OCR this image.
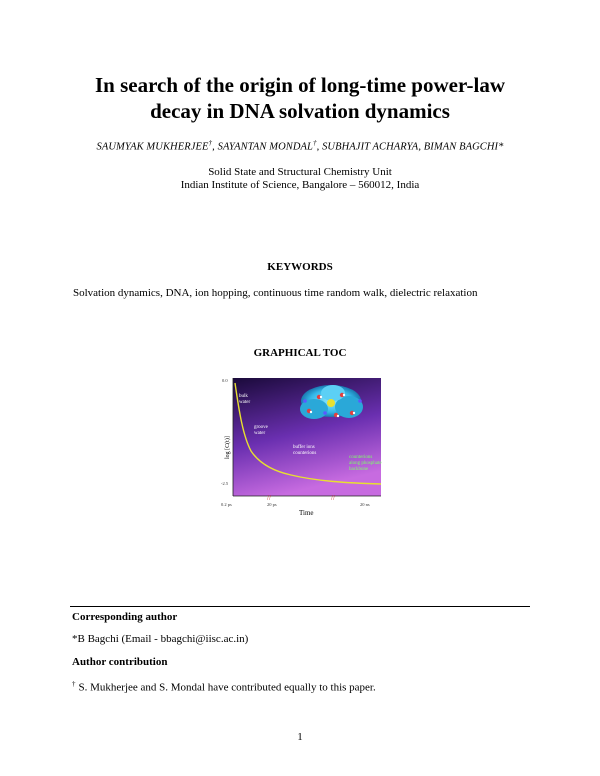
In search of the origin of long-time power-law
decay in DNA solvation dynamics
SAUMYAK MUKHERJEE†, SAYANTAN MONDAL†, SUBHAJIT ACHARYA, BIMAN BAGCHI*
Solid State and Structural Chemistry Unit
Indian Institute of Science, Bangalore – 560012, India
KEYWORDS
Solvation dynamics, DNA, ion hopping, continuous time random walk, dielectric relaxation
GRAPHICAL TOC
//	//
0.0
-2.5
0.2 ps	20 ps	20 ns
Time
log [C(t)]
bulk
water
groove
water
buffer ions
counterions
counterions
along phosphate
backbone
Corresponding author
*B Bagchi (Email - bbagchi@iisc.ac.in)
Author contribution
† S. Mukherjee and S. Mondal have contributed equally to this paper.
1
